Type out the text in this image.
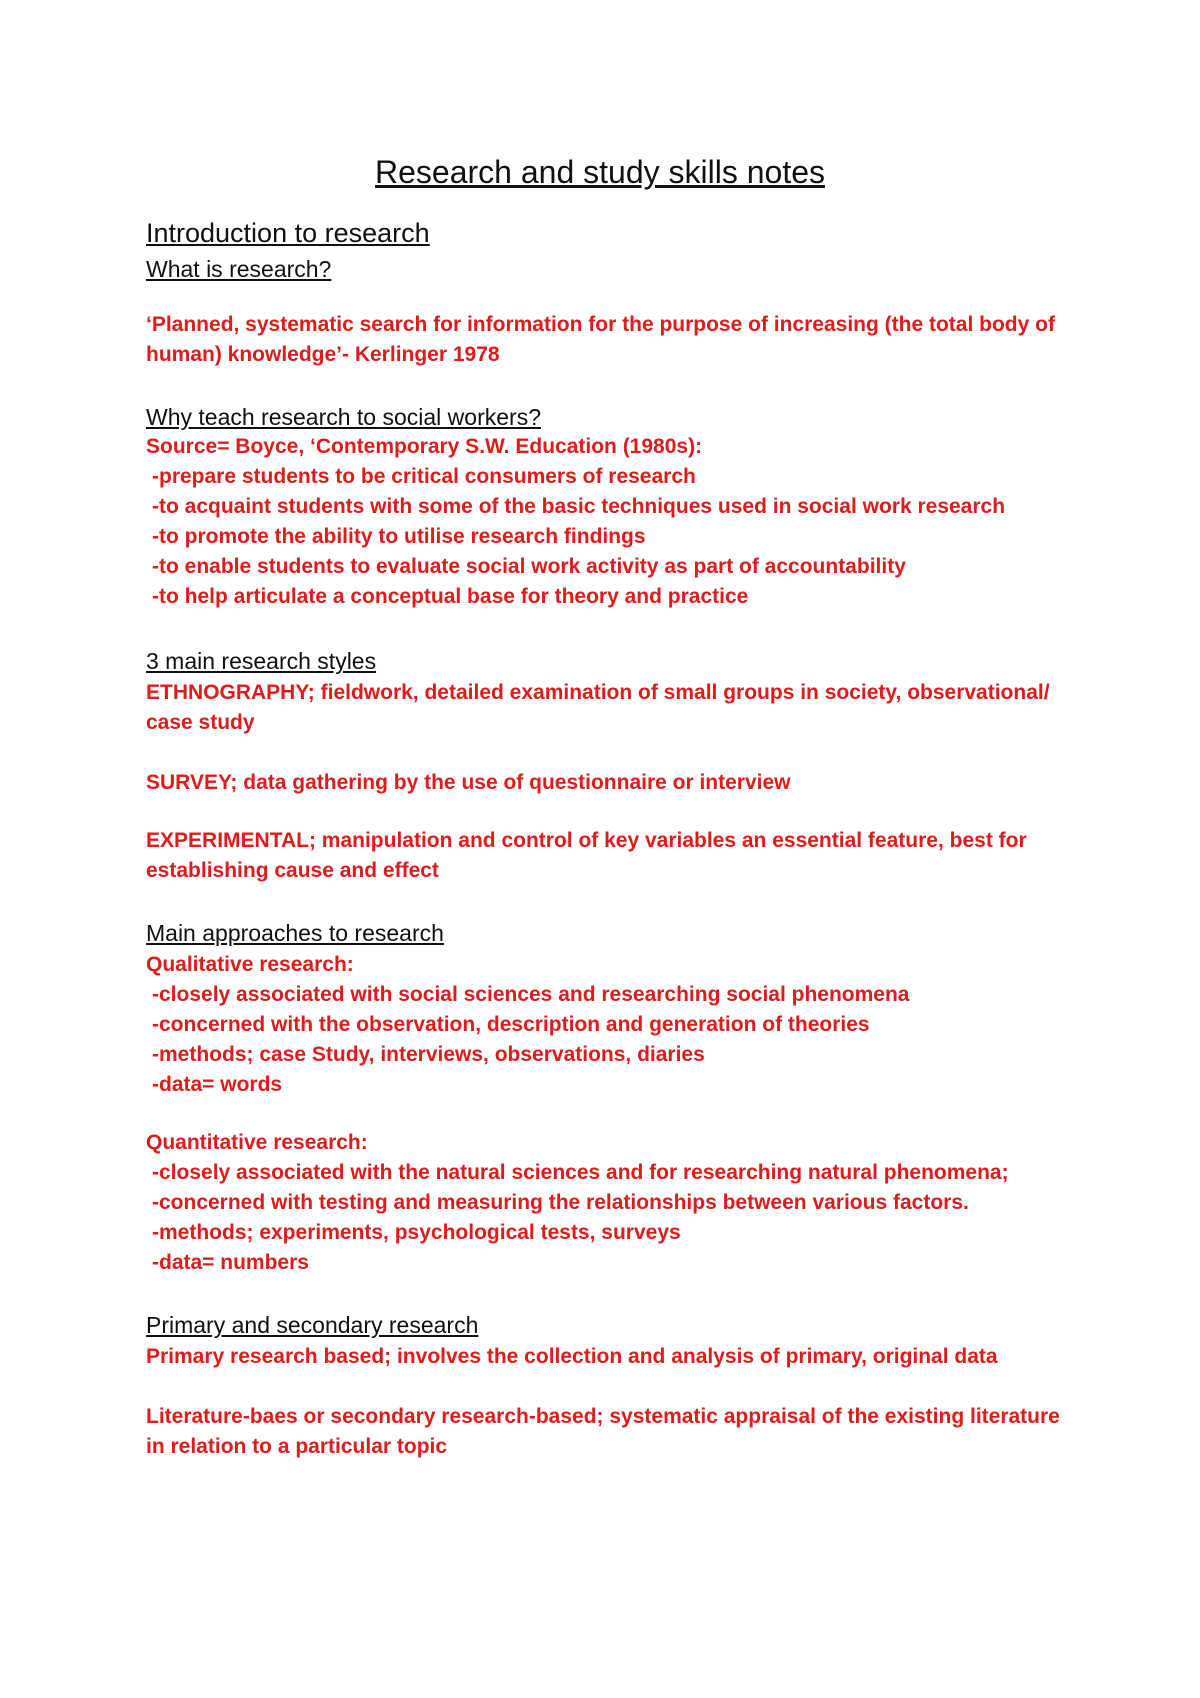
Research and study skills notes
Introduction to research
What is research?
‘Planned, systematic search for information for the purpose of increasing (the total body of
human) knowledge’- Kerlinger 1978
Why teach research to social workers?
Source= Boyce, ‘Contemporary S.W. Education (1980s):
-prepare students to be critical consumers of research
-to acquaint students with some of the basic techniques used in social work research
-to promote the ability to utilise research findings
-to enable students to evaluate social work activity as part of accountability
-to help articulate a conceptual base for theory and practice
3 main research styles
ETHNOGRAPHY; fieldwork, detailed examination of small groups in society, observational/
case study
SURVEY; data gathering by the use of questionnaire or interview
EXPERIMENTAL; manipulation and control of key variables an essential feature, best for
establishing cause and effect
Main approaches to research
Qualitative research:
-closely associated with social sciences and researching social phenomena
-concerned with the observation, description and generation of theories
-methods; case Study, interviews, observations, diaries
-data= words
Quantitative research:
-closely associated with the natural sciences and for researching natural phenomena;
-concerned with testing and measuring the relationships between various factors.
-methods; experiments, psychological tests, surveys
-data= numbers
Primary and secondary research
Primary research based; involves the collection and analysis of primary, original data
Literature-baes or secondary research-based; systematic appraisal of the existing literature
in relation to a particular topic
